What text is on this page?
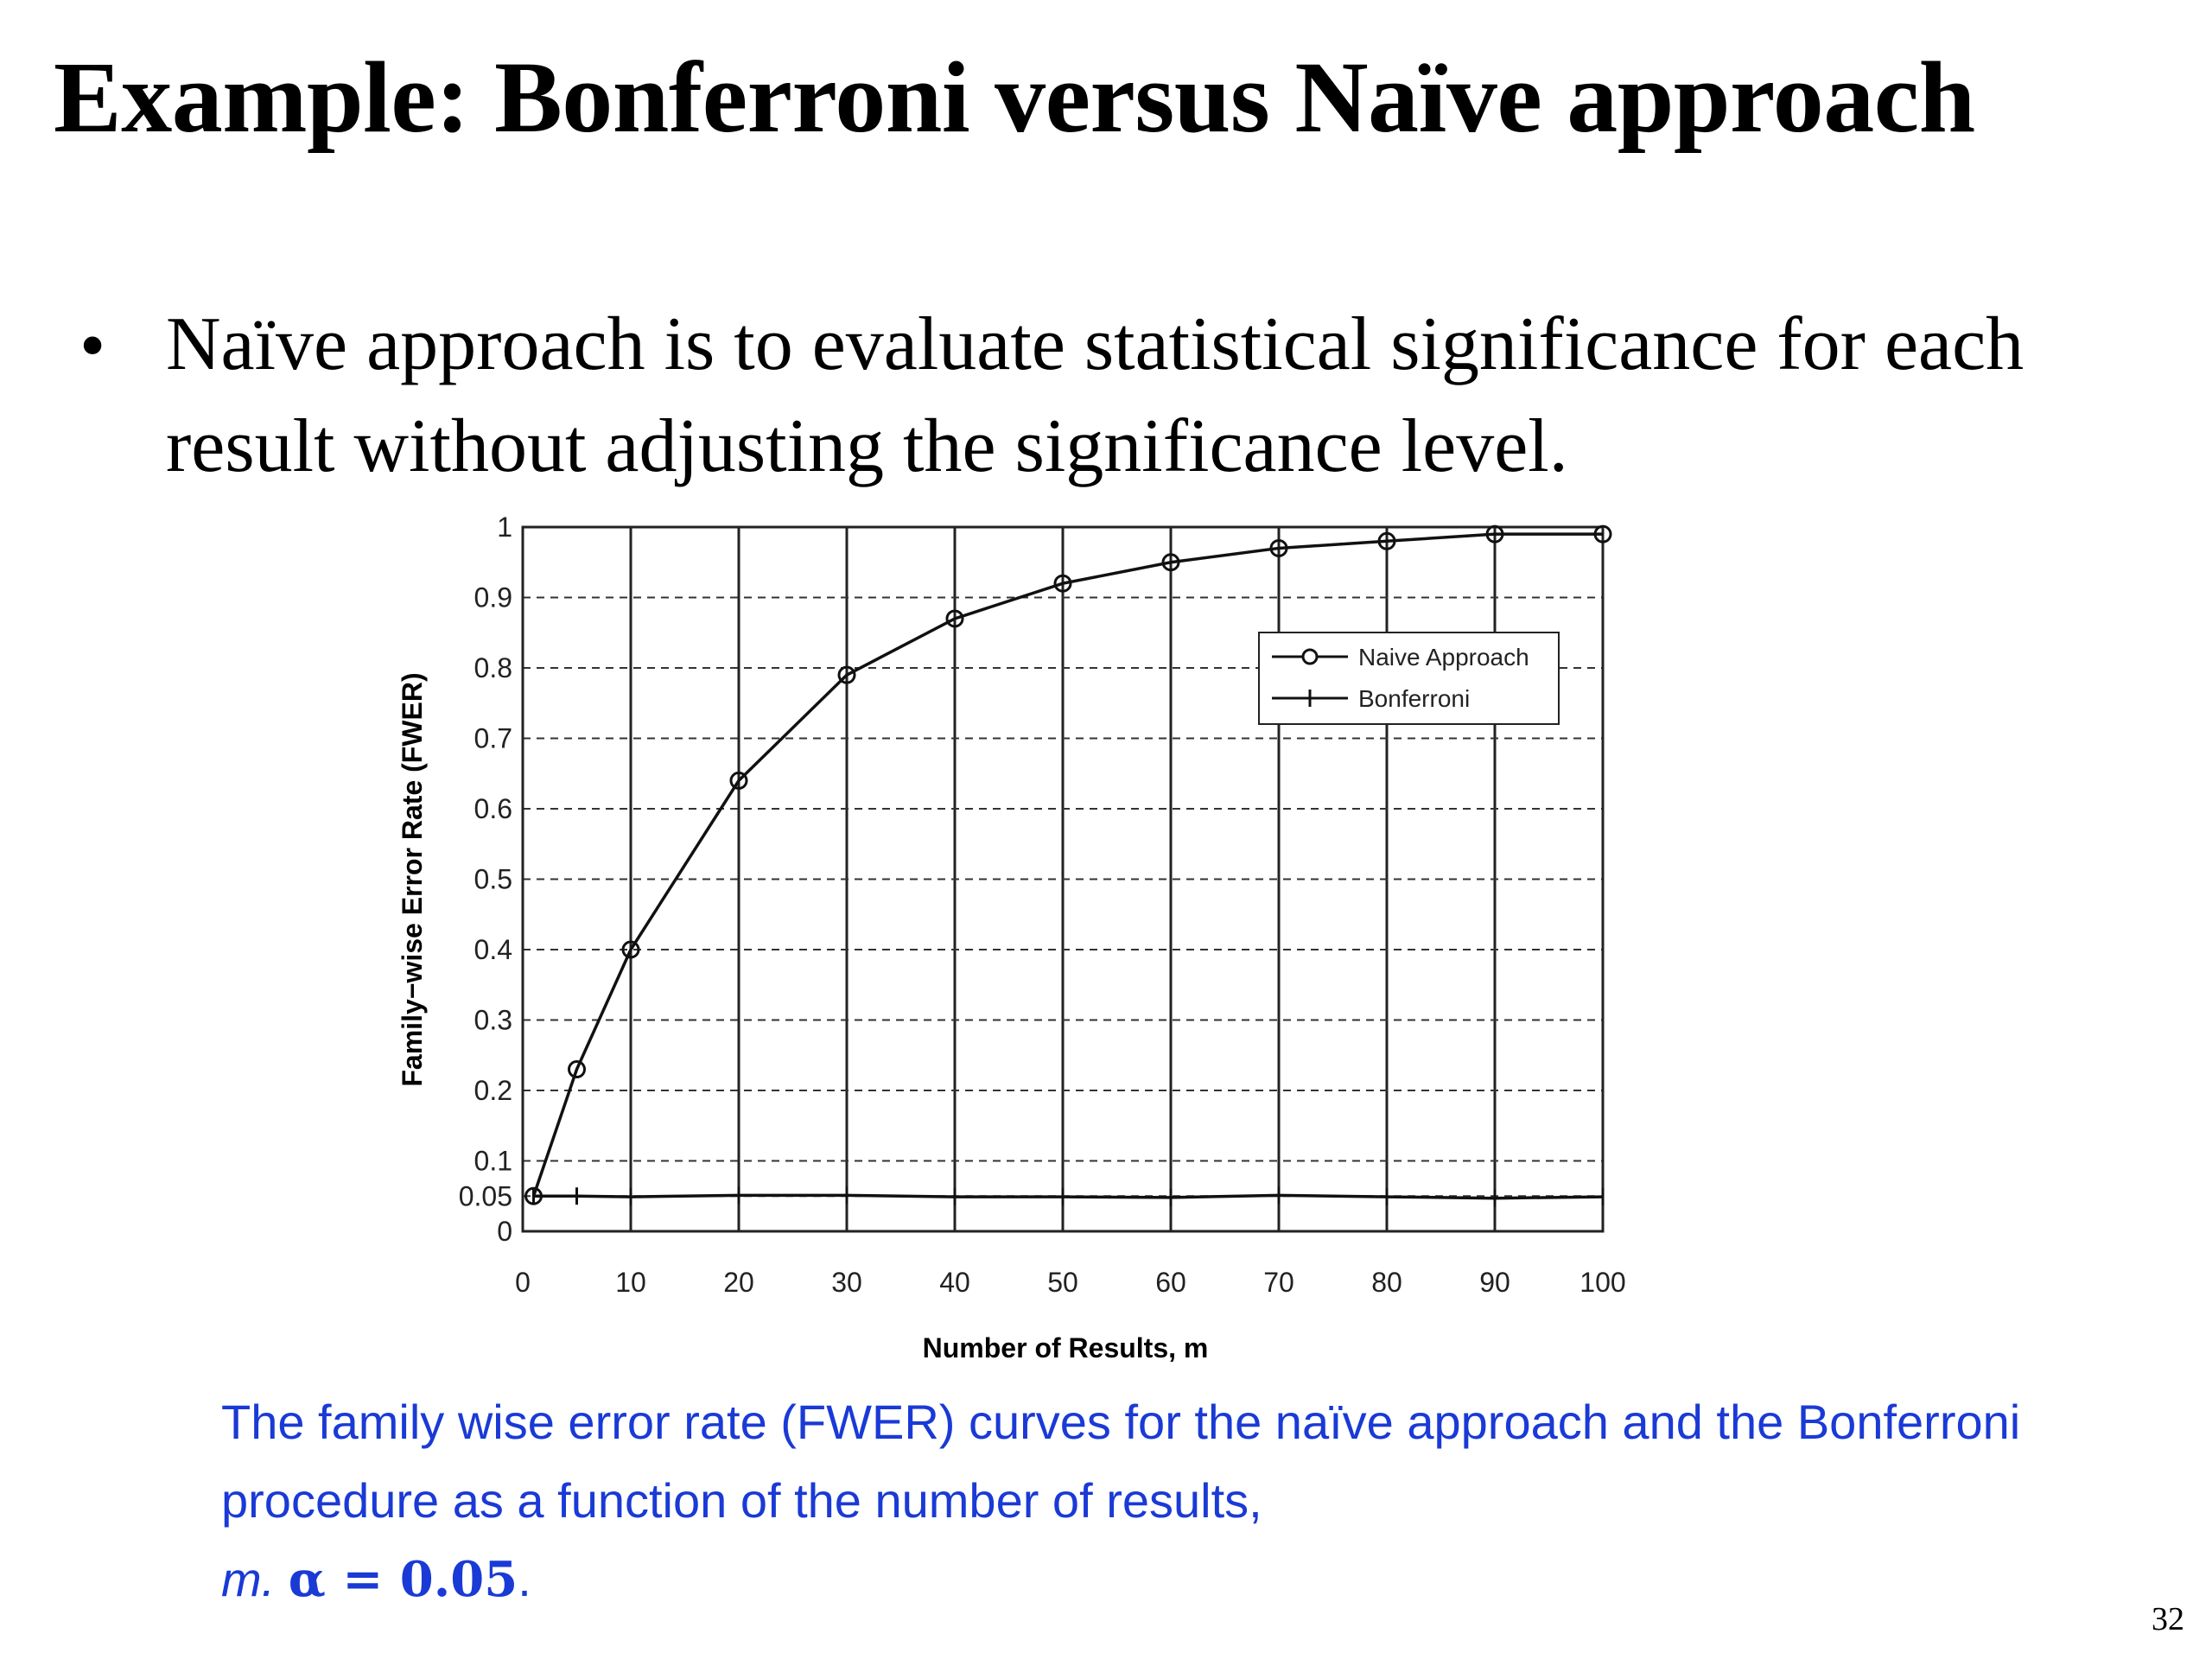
Example: Bonferroni versus Naïve approach
• Naïve approach is to evaluate statistical significance for each result without adjusting the significance level.
0	10	20	30	40	50	60	70	80	90	100
0
0.05
0.1
0.2
0.3
0.4
0.5
0.6
0.7
0.8
0.9
1
Number of Results, m
Family−wise Error Rate (FWER)
Naive Approach
Bonferroni
The family wise error rate (FWER) curves for the naïve approach and the Bonferroni procedure as a function of the number of results,
m. α = 0.05.
32
